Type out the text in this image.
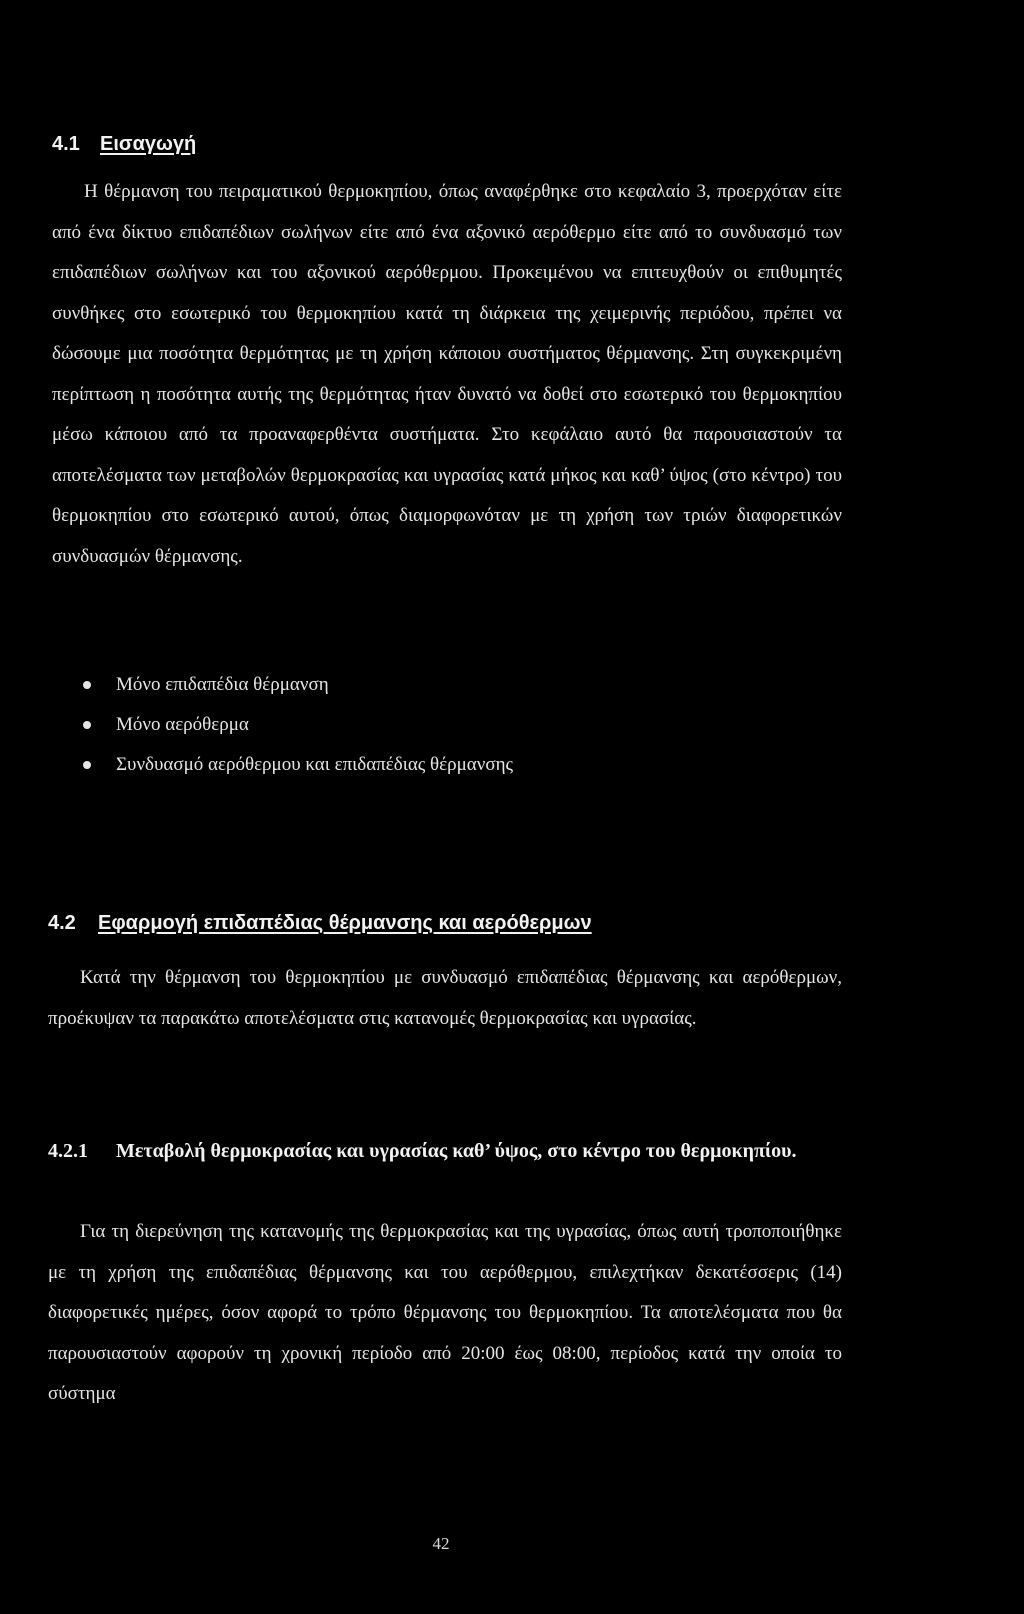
4.1 Εισαγωγή

Η θέρμανση του πειραματικού θερμοκηπίου, όπως αναφέρθηκε στο κεφαλαίο 3, προερχόταν είτε από ένα δίκτυο επιδαπέδιων σωλήνων είτε από ένα αξονικό αερόθερμο είτε από το συνδυασμό των επιδαπέδιων σωλήνων και του αξονικού αερόθερμου. Προκειμένου να επιτευχθούν οι επιθυμητές συνθήκες στο εσωτερικό του θερμοκηπίου κατά τη διάρκεια της χειμερινής περιόδου, πρέπει να δώσουμε μια ποσότητα θερμότητας με τη χρήση κάποιου συστήματος θέρμανσης. Στη συγκεκριμένη περίπτωση η ποσότητα αυτής της θερμότητας ήταν δυνατό να δοθεί στο εσωτερικό του θερμοκηπίου μέσω κάποιου από τα προαναφερθέντα συστήματα. Στο κεφάλαιο αυτό θα παρουσιαστούν τα αποτελέσματα των μεταβολών θερμοκρασίας και υγρασίας κατά μήκος και καθ’ ύψος (στο κέντρο) του θερμοκηπίου στο εσωτερικό αυτού, όπως διαμορφωνόταν με τη χρήση των τριών διαφορετικών συνδυασμών θέρμανσης.

Μόνο επιδαπέδια θέρμανση
Μόνο αερόθερμα
Συνδυασμό αερόθερμου και επιδαπέδιας θέρμανσης
4.2 Εφαρμογή επιδαπέδιας θέρμανσης και αερόθερμων

Κατά την θέρμανση του θερμοκηπίου με συνδυασμό επιδαπέδιας θέρμανσης και αερόθερμων, προέκυψαν τα παρακάτω αποτελέσματα στις κατανομές θερμοκρασίας και υγρασίας.

4.2.1 Μεταβολή θερμοκρασίας και υγρασίας καθ’ ύψος, στο κέντρο του θερμοκηπίου.

Για τη διερεύνηση της κατανομής της θερμοκρασίας και της υγρασίας, όπως αυτή τροποποιήθηκε με τη χρήση της επιδαπέδιας θέρμανσης και του αερόθερμου, επιλεχτήκαν δεκατέσσερις (14) διαφορετικές ημέρες, όσον αφορά το τρόπο θέρμανσης του θερμοκηπίου. Τα αποτελέσματα που θα παρουσιαστούν αφορούν τη χρονική περίοδο από 20:00 έως 08:00, περίοδος κατά την οποία το σύστημα

42
